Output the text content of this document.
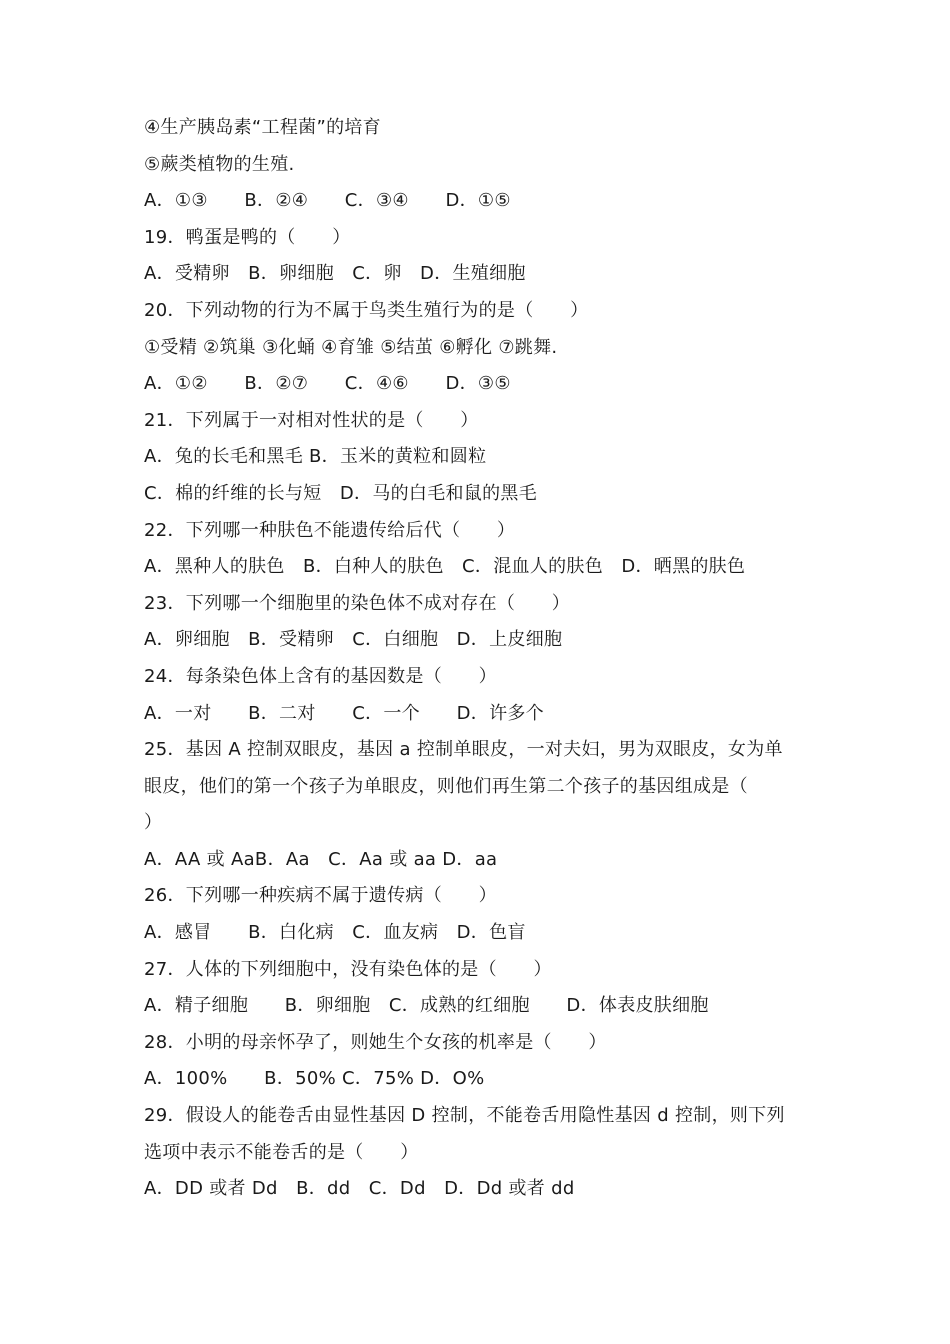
④生产胰岛素“工程菌”的培育
⑤蕨类植物的生殖.
A．①③　　B．②④　　C．③④　　D．①⑤
19．鸭蛋是鸭的（　　）
A．受精卵　B．卵细胞　C．卵　D．生殖细胞
20．下列动物的行为不属于鸟类生殖行为的是（　　）
①受精 ②筑巢 ③化蛹 ④育雏 ⑤结茧 ⑥孵化 ⑦跳舞.
A．①②　　B．②⑦　　C．④⑥　　D．③⑤
21．下列属于一对相对性状的是（　　）
A．兔的长毛和黑毛 B．玉米的黄粒和圆粒
C．棉的纤维的长与短　D．马的白毛和鼠的黑毛
22．下列哪一种肤色不能遗传给后代（　　）
A．黑种人的肤色　B．白种人的肤色　C．混血人的肤色　D．晒黑的肤色
23．下列哪一个细胞里的染色体不成对存在（　　）
A．卵细胞　B．受精卵　C．白细胞　D．上皮细胞
24．每条染色体上含有的基因数是（　　）
A．一对　　B．二对　　C．一个　　D．许多个
25．基因 A 控制双眼皮，基因 a 控制单眼皮，一对夫妇，男为双眼皮，女为单
眼皮，他们的第一个孩子为单眼皮，则他们再生第二个孩子的基因组成是（
）
A．AA 或 AaB．Aa　C．Aa 或 aa D．aa
26．下列哪一种疾病不属于遗传病（　　）
A．感冒　　B．白化病　C．血友病　D．色盲
27．人体的下列细胞中，没有染色体的是（　　）
A．精子细胞　　B．卵细胞　C．成熟的红细胞　　D．体表皮肤细胞
28．小明的母亲怀孕了，则她生个女孩的机率是（　　）
A．100%　　B．50% C．75% D．O%
29．假设人的能卷舌由显性基因 D 控制，不能卷舌用隐性基因 d 控制，则下列
选项中表示不能卷舌的是（　　）
A．DD 或者 Dd　B．dd　C．Dd　D．Dd 或者 dd
